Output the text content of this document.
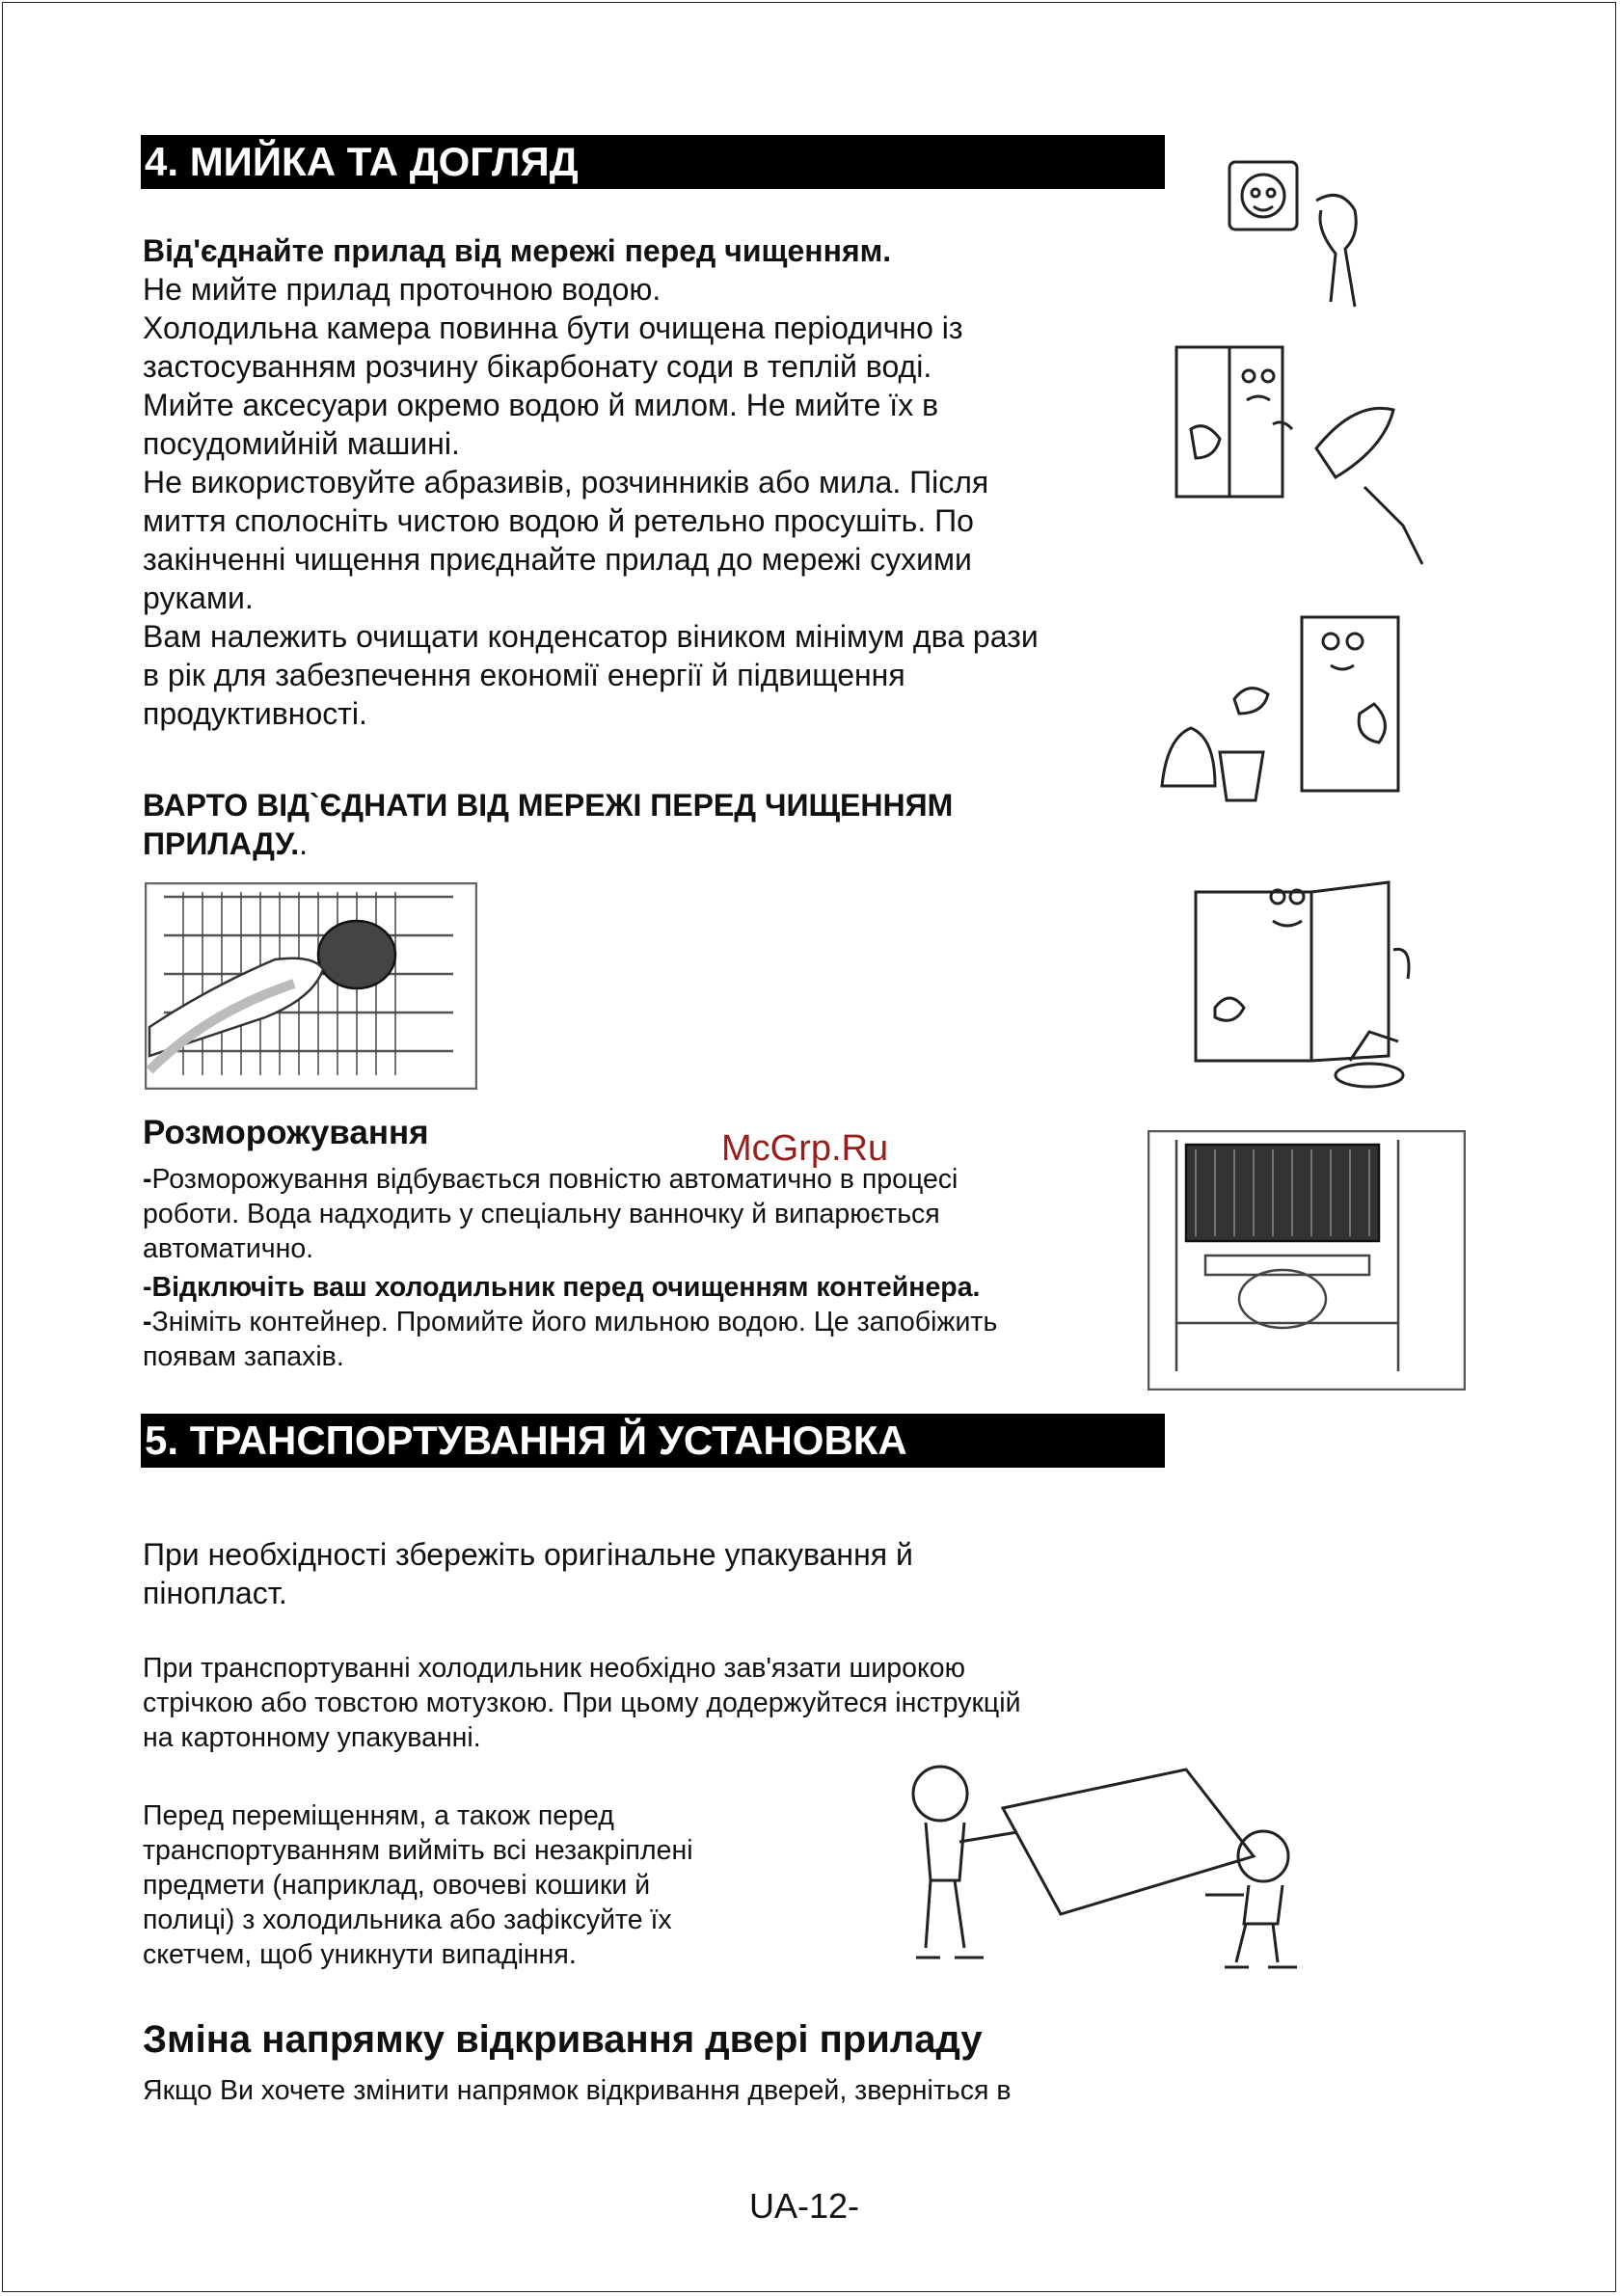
4. МИЙКА ТА ДОГЛЯД

Від'єднайте прилад від мережі перед чищенням.

Не мийте прилад проточною водою.

Холодильна камера повинна бути очищена періодично із

застосуванням розчину бікарбонату соди в теплій воді.

Мийте аксесуари окремо водою й милом. Не мийте їх в

посудомийній машині.

Не використовуйте абразивів, розчинників або мила. Після

миття сполосніть чистою водою й ретельно просушіть. По

закінченні чищення приєднайте прилад до мережі сухими

руками.

Вам належить очищати конденсатор віником мінімум два рази

в рік для забезпечення економії енергії й підвищення

продуктивності.

ВАРТО ВІД`ЄДНАТИ ВІД МЕРЕЖІ ПЕРЕД ЧИЩЕННЯМ

ПРИЛАДУ..

Розморожування

-Розморожування відбувається повністю автоматично в процесі

роботи. Вода надходить у спеціальну ванночку й випарюється

автоматично.

-Відключіть ваш холодильник перед очищенням контейнера.

-Зніміть контейнер. Промийте його мильною водою. Це запобіжить

появам запахів.

McGrp.Ru
5. ТРАНСПОРТУВАННЯ Й УСТАНОВКА

При необхідності збережіть оригінальне упакування й

пінопласт.

При транспортуванні холодильник необхідно зав'язати широкою

стрічкою або товстою мотузкою. При цьому додержуйтеся інструкцій

на картонному упакуванні.

Перед переміщенням, а також перед

транспортуванням вийміть всі незакріплені

предмети (наприклад, овочеві кошики й

полиці) з холодильника або зафіксуйте їх

скетчем, щоб уникнути випадіння.

Зміна напрямку відкривання двері приладу

Якщо Ви хочете змінити напрямок відкривання дверей, зверніться в

UA-12-
